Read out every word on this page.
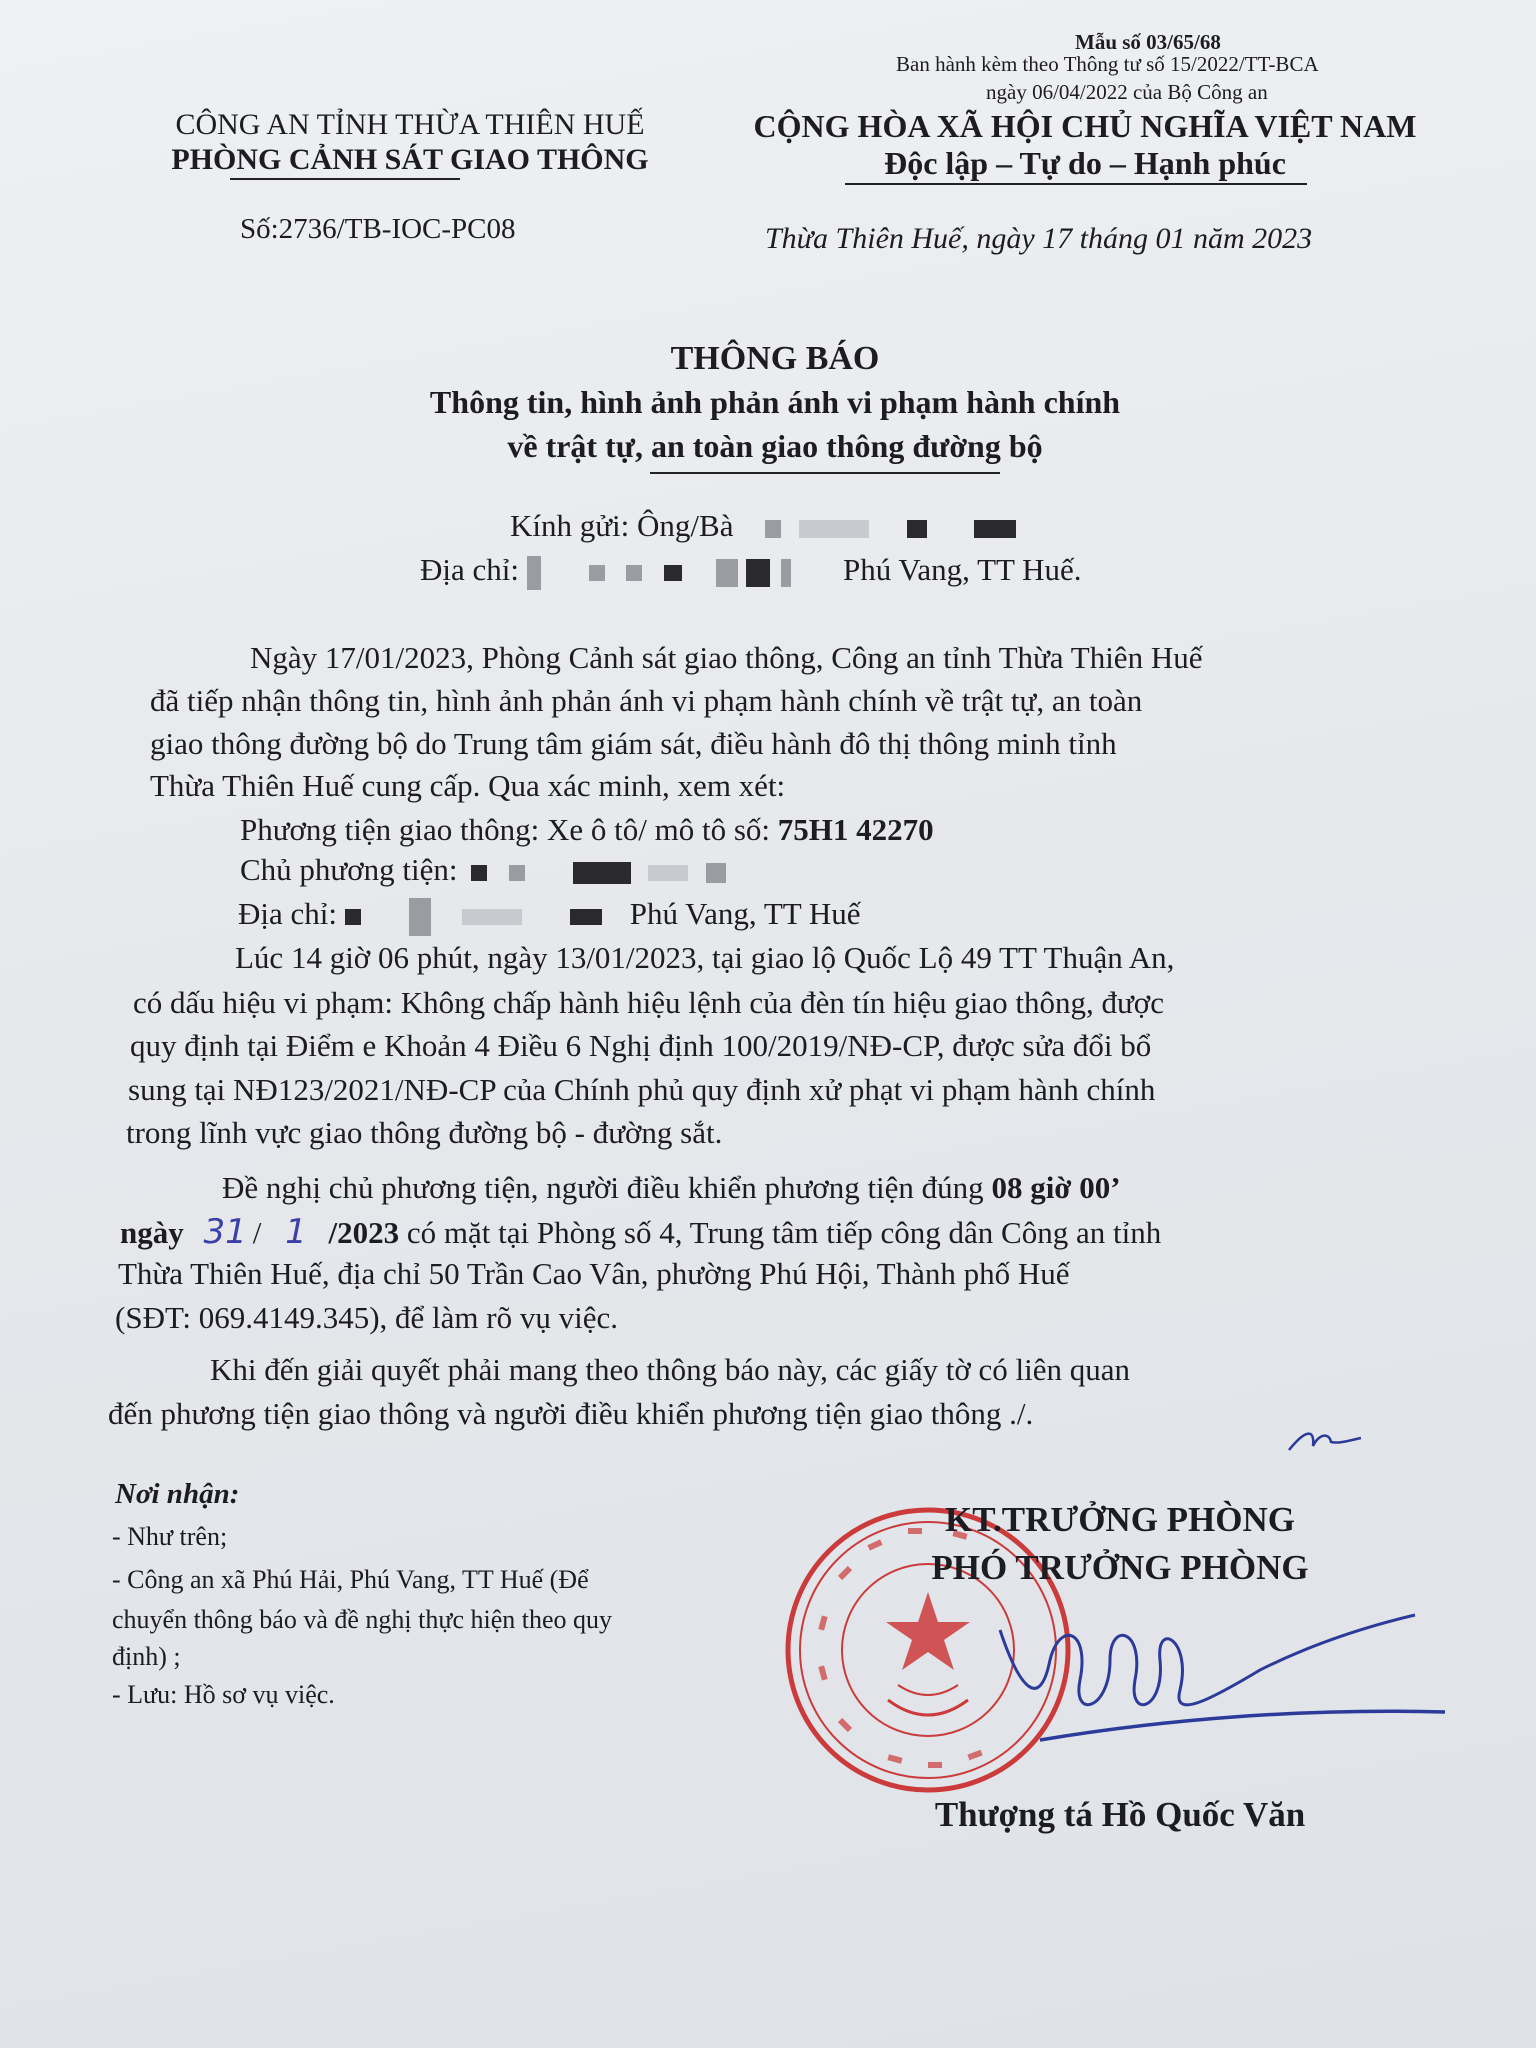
Mẫu số 03/65/68
Ban hành kèm theo Thông tư số 15/2022/TT-BCA
ngày 06/04/2022 của Bộ Công an
CÔNG AN TỈNH THỪA THIÊN HUẾ
PHÒNG CẢNH SÁT GIAO THÔNG
CỘNG HÒA XÃ HỘI CHỦ NGHĨA VIỆT NAM
Độc lập – Tự do – Hạnh phúc
Số:2736/TB-IOC-PC08	Thừa Thiên Huế, ngày 17 tháng 01 năm 2023
THÔNG BÁO
Thông tin, hình ảnh phản ánh vi phạm hành chính
về trật tự, an toàn giao thông đường bộ
Kính gửi: Ông/Bà
Địa chỉ:	Phú Vang, TT Huế.
Ngày 17/01/2023, Phòng Cảnh sát giao thông, Công an tỉnh Thừa Thiên Huế
đã tiếp nhận thông tin, hình ảnh phản ánh vi phạm hành chính về trật tự, an toàn
giao thông đường bộ do Trung tâm giám sát, điều hành đô thị thông minh tỉnh
Thừa Thiên Huế cung cấp. Qua xác minh, xem xét:
Phương tiện giao thông: Xe ô tô/ mô tô số: 75H1 42270
Chủ phương tiện:
Địa chỉ:	Phú Vang, TT Huế
Lúc 14 giờ 06 phút, ngày 13/01/2023, tại giao lộ Quốc Lộ 49 TT Thuận An,
có dấu hiệu vi phạm: Không chấp hành hiệu lệnh của đèn tín hiệu giao thông, được
quy định tại Điểm e Khoản 4 Điều 6 Nghị định 100/2019/NĐ-CP, được sửa đổi bổ
sung tại NĐ123/2021/NĐ-CP của Chính phủ quy định xử phạt vi phạm hành chính
trong lĩnh vực giao thông đường bộ - đường sắt.
Đề nghị chủ phương tiện, người điều khiển phương tiện đúng 08 giờ 00’
ngày 31 / 1 /2023 có mặt tại Phòng số 4, Trung tâm tiếp công dân Công an tỉnh
Thừa Thiên Huế, địa chỉ 50 Trần Cao Vân, phường Phú Hội, Thành phố Huế
(SĐT: 069.4149.345), để làm rõ vụ việc.
Khi đến giải quyết phải mang theo thông báo này, các giấy tờ có liên quan
đến phương tiện giao thông và người điều khiển phương tiện giao thông ./.
Nơi nhận:
- Như trên;
- Công an xã Phú Hải, Phú Vang, TT Huế (Để
chuyển thông báo và đề nghị thực hiện theo quy
định) ;
- Lưu: Hồ sơ vụ việc.
KT.TRƯỞNG PHÒNG
PHÓ TRƯỞNG PHÒNG
Thượng tá Hồ Quốc Văn
